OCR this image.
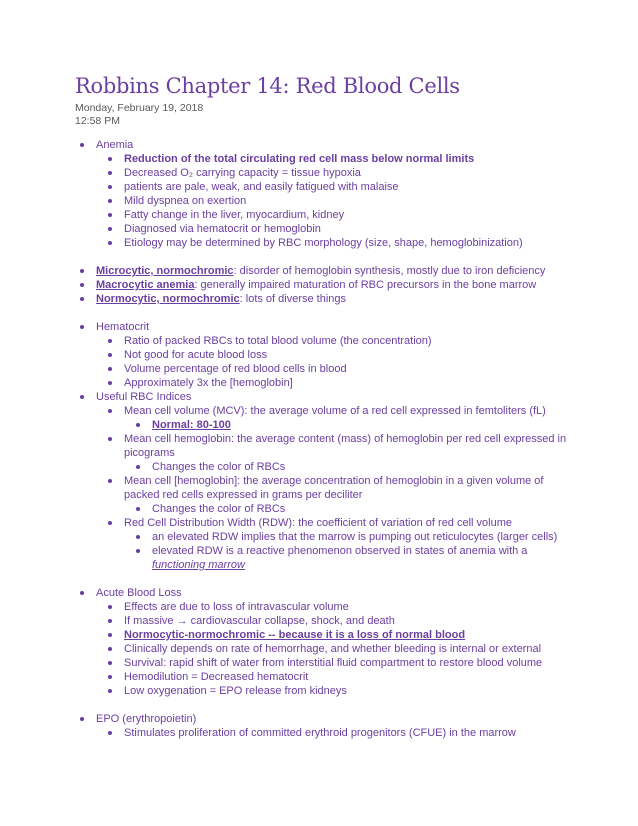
Robbins Chapter 14: Red Blood Cells
Monday, February 19, 2018
12:58 PM
Anemia
Reduction of the total circulating red cell mass below normal limits
Decreased O₂ carrying capacity = tissue hypoxia
patients are pale, weak, and easily fatigued with malaise
Mild dyspnea on exertion
Fatty change in the liver, myocardium, kidney
Diagnosed via hematocrit or hemoglobin
Etiology may be determined by RBC morphology (size, shape, hemoglobinization)
Microcytic, normochromic: disorder of hemoglobin synthesis, mostly due to iron deficiency
Macrocytic anemia: generally impaired maturation of RBC precursors in the bone marrow
Normocytic, normochromic: lots of diverse things
Hematocrit
Ratio of packed RBCs to total blood volume (the concentration)
Not good for acute blood loss
Volume percentage of red blood cells in blood
Approximately 3x the [hemoglobin]
Useful RBC Indices
Mean cell volume (MCV): the average volume of a red cell expressed in femtoliters (fL)
Normal: 80-100
Mean cell hemoglobin: the average content (mass) of hemoglobin per red cell expressed in
picograms
Changes the color of RBCs
Mean cell [hemoglobin]: the average concentration of hemoglobin in a given volume of
packed red cells expressed in grams per deciliter
Changes the color of RBCs
Red Cell Distribution Width (RDW): the coefficient of variation of red cell volume
an elevated RDW implies that the marrow is pumping out reticulocytes (larger cells)
elevated RDW is a reactive phenomenon observed in states of anemia with a
functioning marrow
Acute Blood Loss
Effects are due to loss of intravascular volume
If massive → cardiovascular collapse, shock, and death
Normocytic-normochromic -- because it is a loss of normal blood
Clinically depends on rate of hemorrhage, and whether bleeding is internal or external
Survival: rapid shift of water from interstitial fluid compartment to restore blood volume
Hemodilution = Decreased hematocrit
Low oxygenation = EPO release from kidneys
EPO (erythropoietin)
Stimulates proliferation of committed erythroid progenitors (CFUE) in the marrow
